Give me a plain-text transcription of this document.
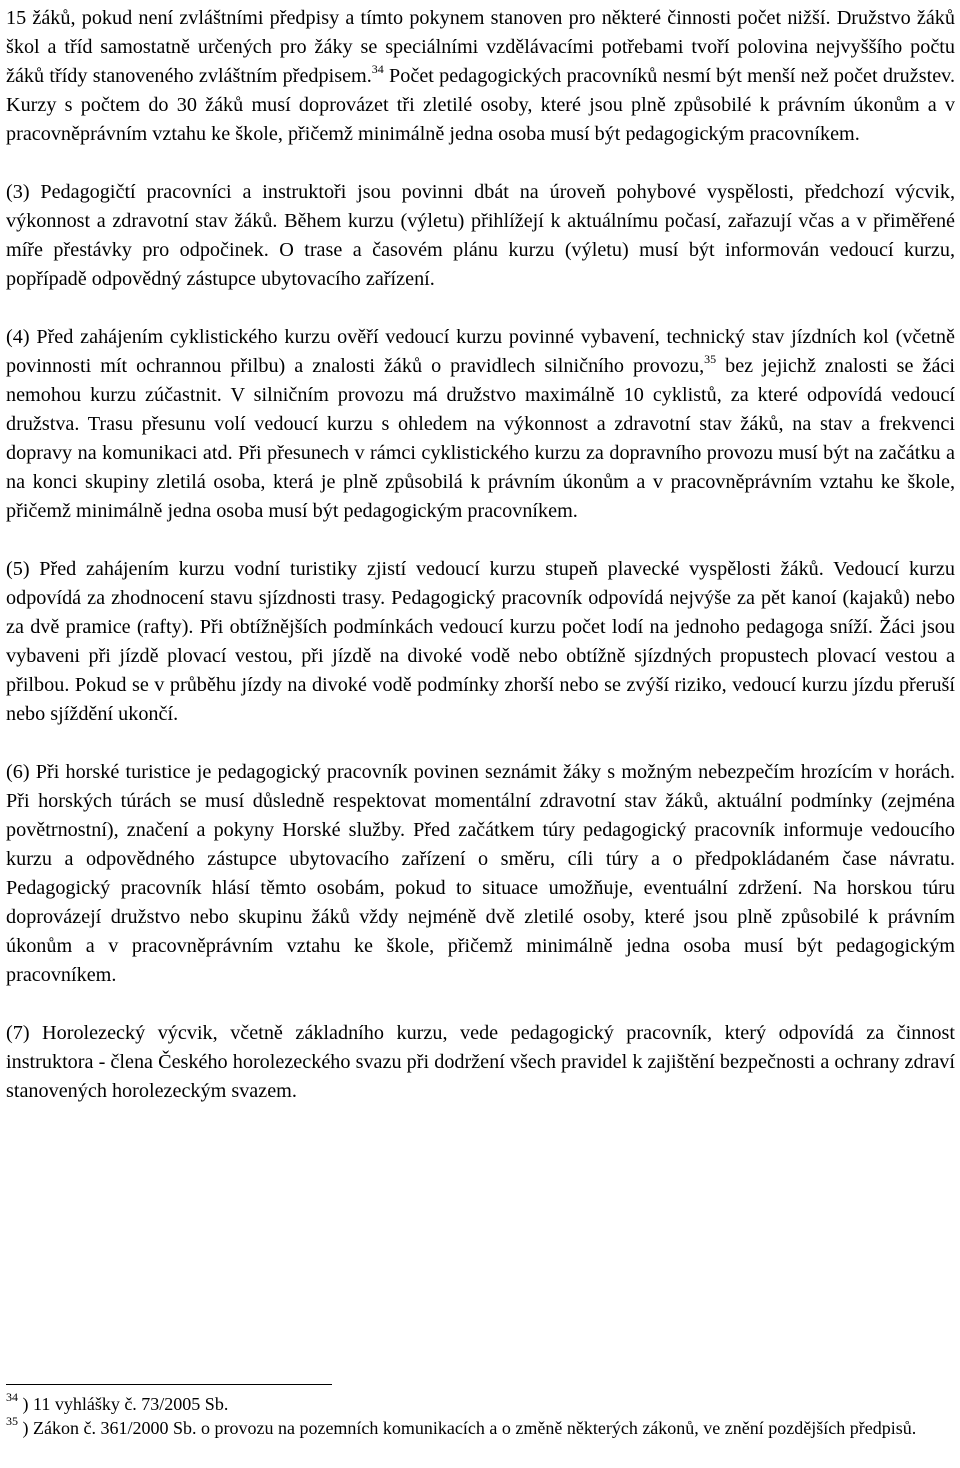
15 žáků, pokud není zvláštními předpisy a tímto pokynem stanoven pro některé činnosti počet nižší. Družstvo žáků škol a tříd samostatně určených pro žáky se speciálními vzdělávacími potřebami tvoří polovina nejvyššího počtu žáků třídy stanoveného zvláštním předpisem.$^{34}$ Počet pedagogických pracovníků nesmí být menší než počet družstev. Kurzy s počtem do 30 žáků musí doprovázet tři zletilé osoby, které jsou plně způsobilé k právním úkonům a v pracovněprávním vztahu ke škole, přičemž minimálně jedna osoba musí být pedagogickým pracovníkem.

(3) Pedagogičtí pracovníci a instruktoři jsou povinni dbát na úroveň pohybové vyspělosti, předchozí výcvik, výkonnost a zdravotní stav žáků. Během kurzu (výletu) přihlížejí k aktuálnímu počasí, zařazují včas a v přiměřené míře přestávky pro odpočinek. O trase a časovém plánu kurzu (výletu) musí být informován vedoucí kurzu, popřípadě odpovědný zástupce ubytovacího zařízení.

(4) Před zahájením cyklistického kurzu ověří vedoucí kurzu povinné vybavení, technický stav jízdních kol (včetně povinnosti mít ochrannou přilbu) a znalosti žáků o pravidlech silničního provozu,$^{35}$ bez jejichž znalosti se žáci nemohou kurzu zúčastnit. V silničním provozu má družstvo maximálně 10 cyklistů, za které odpovídá vedoucí družstva. Trasu přesunu volí vedoucí kurzu s ohledem na výkonnost a zdravotní stav žáků, na stav a frekvenci dopravy na komunikaci atd. Při přesunech v rámci cyklistického kurzu za dopravního provozu musí být na začátku a na konci skupiny zletilá osoba, která je plně způsobilá k právním úkonům a v pracovněprávním vztahu ke škole, přičemž minimálně jedna osoba musí být pedagogickým pracovníkem.

(5) Před zahájením kurzu vodní turistiky zjistí vedoucí kurzu stupeň plavecké vyspělosti žáků. Vedoucí kurzu odpovídá za zhodnocení stavu sjízdnosti trasy. Pedagogický pracovník odpovídá nejvýše za pět kanoí (kajaků) nebo za dvě pramice (rafty). Při obtížnějších podmínkách vedoucí kurzu počet lodí na jednoho pedagoga sníží. Žáci jsou vybaveni při jízdě plovací vestou, při jízdě na divoké vodě nebo obtížně sjízdných propustech plovací vestou a přilbou. Pokud se v průběhu jízdy na divoké vodě podmínky zhorší nebo se zvýší riziko, vedoucí kurzu jízdu přeruší nebo sjíždění ukončí.

(6) Při horské turistice je pedagogický pracovník povinen seznámit žáky s možným nebezpečím hrozícím v horách. Při horských túrách se musí důsledně respektovat momentální zdravotní stav žáků, aktuální podmínky (zejména povětrnostní), značení a pokyny Horské služby. Před začátkem túry pedagogický pracovník informuje vedoucího kurzu a odpovědného zástupce ubytovacího zařízení o směru, cíli túry a o předpokládaném čase návratu. Pedagogický pracovník hlásí těmto osobám, pokud to situace umožňuje, eventuální zdržení. Na horskou túru doprovázejí družstvo nebo skupinu žáků vždy nejméně dvě zletilé osoby, které jsou plně způsobilé k právním úkonům a v pracovněprávním vztahu ke škole, přičemž minimálně jedna osoba musí být pedagogickým pracovníkem.

(7) Horolezecký výcvik, včetně základního kurzu, vede pedagogický pracovník, který odpovídá za činnost instruktora - člena Českého horolezeckého svazu při dodržení všech pravidel k zajištění bezpečnosti a ochrany zdraví stanovených horolezeckým svazem.

$^{34}$ ) 11 vyhlášky č. 73/2005 Sb.

$^{35}$ ) Zákon č. 361/2000 Sb. o provozu na pozemních komunikacích a o změně některých zákonů, ve znění pozdějších předpisů.
